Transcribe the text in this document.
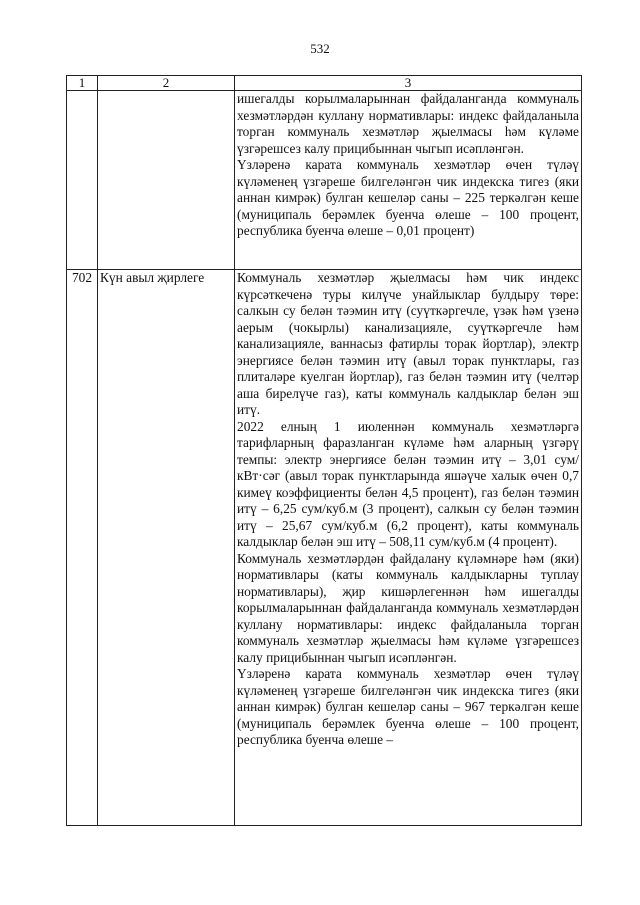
532
1	2	3

		ишегалды корылмаларыннан файдаланганда коммуналь хезмәтләрдән куллану нормативлары: индекс файдаланыла торган коммуналь хезмәтләр җыелмасы һәм күләме үзгәрешсез калу прицибыннан чыгып исәпләнгән.

Үзләренә карата коммуналь хезмәтләр өчен түләү күләменең үзгәреше билгеләнгән чик индекска тигез (яки аннан кимрәк) булган кешеләр саны – 225 теркәлгән кеше (муниципаль берәмлек буенча өлеше – 100 процент, республика буенча өлеше – 0,01 процент)

702	Күн авыл җирлеге	Коммуналь хезмәтләр җыелмасы һәм чик индекс күрсәткеченә туры килүче унайлыклар булдыру төре: салкын су белән тәэмин итү (суүткәргечле, үзәк һәм үзенә аерым (чокырлы) канализацияле, суүткәргечле һәм канализацияле, ваннасыз фатирлы торак йортлар), электр энергиясе белән тәэмин итү (авыл торак пунктлары, газ плиталәре куелган йортлар), газ белән тәэмин итү (челтәр аша бирелүче газ), каты коммуналь калдыклар белән эш итү.

2022 елның 1 июленнән коммуналь хезмәтләргә тарифларның фаразланган күләме һәм аларның үзгәрү темпы: электр энергиясе белән тәэмин итү – 3,01 сум/кВт·сәг (авыл торак пунктларында яшәүче халык өчен 0,7 кимеү коэффициенты белән 4,5 процент), газ белән тәэмин итү – 6,25 сум/куб.м (3 процент), салкын су белән тәэмин итү – 25,67 сум/куб.м (6,2 процент), каты коммуналь калдыклар белән эш итү – 508,11 сум/куб.м (4 процент).

Коммуналь хезмәтләрдән файдалану күләмнәре һәм (яки) нормативлары (каты коммуналь калдыкларны туплау нормативлары), җир кишәрлегеннән һәм ишегалды корылмаларыннан файдаланганда коммуналь хезмәтләрдән куллану нормативлары: индекс файдаланыла торган коммуналь хезмәтләр җыелмасы һәм күләме үзгәрешсез калу прицибыннан чыгып исәпләнгән.

Үзләренә карата коммуналь хезмәтләр өчен түләү күләменең үзгәреше билгеләнгән чик индекска тигез (яки аннан кимрәк) булган кешеләр саны – 967 теркәлгән кеше (муниципаль берәмлек буенча өлеше – 100 процент, республика буенча өлеше –
